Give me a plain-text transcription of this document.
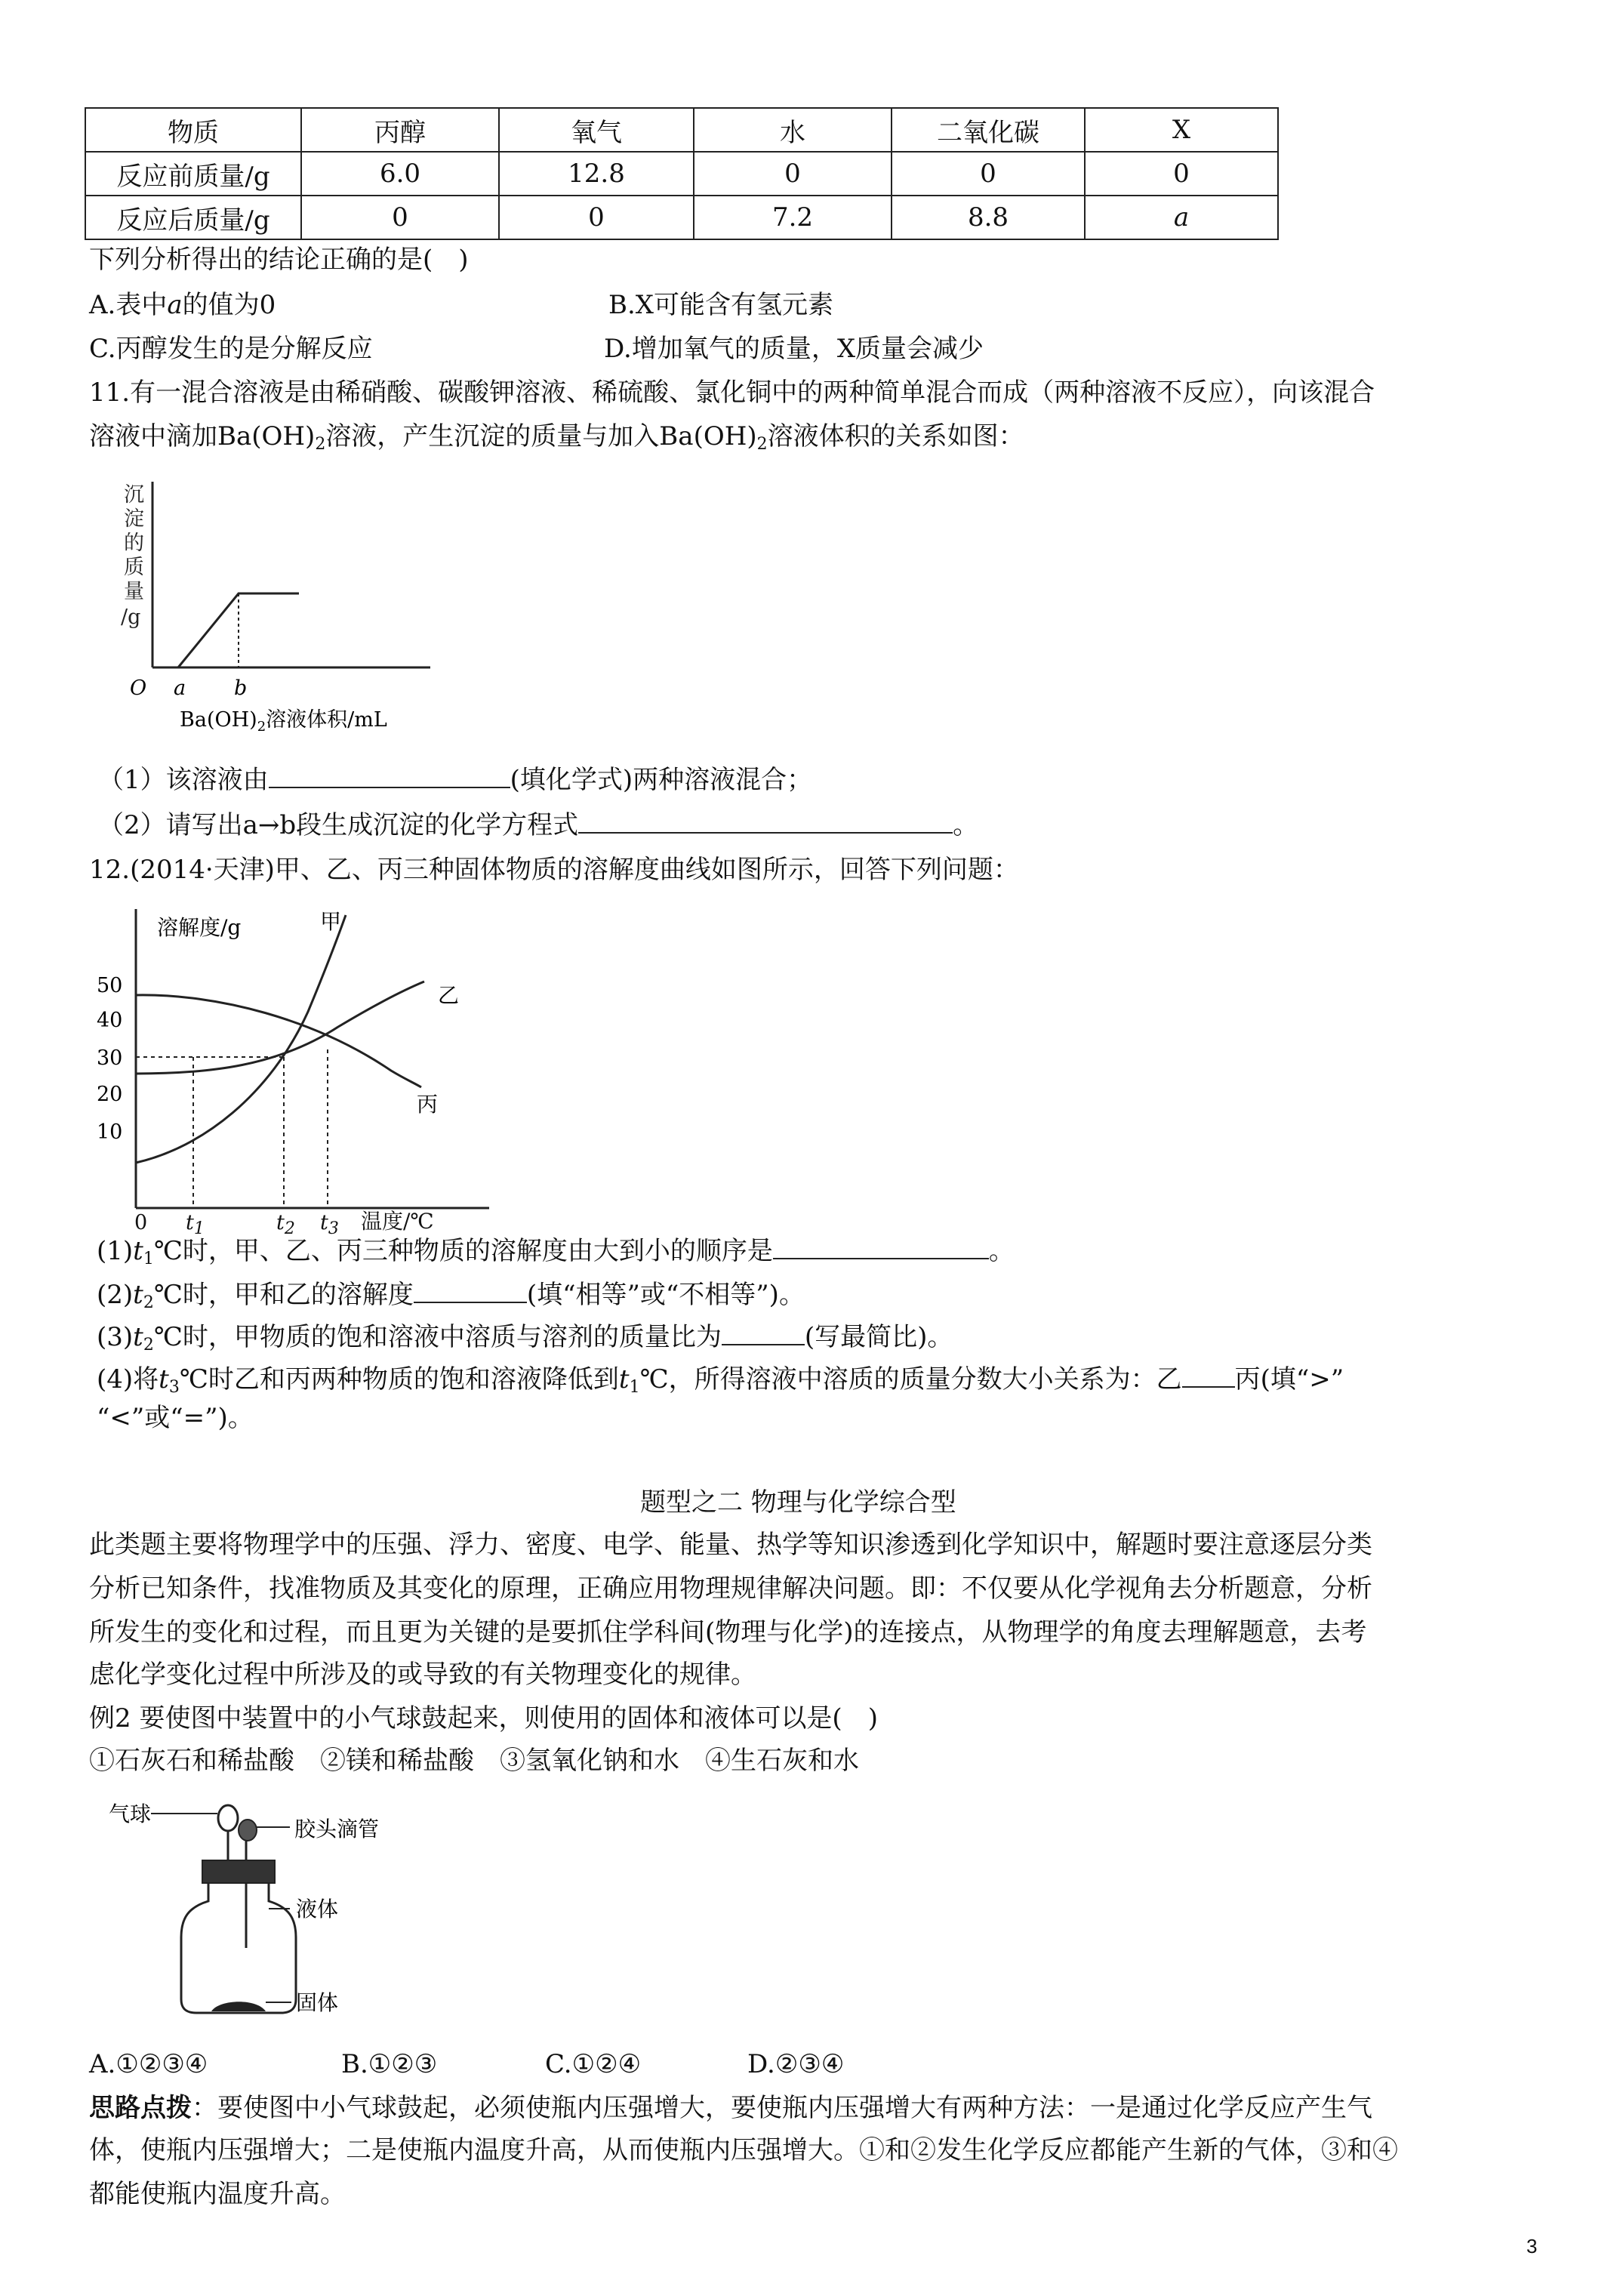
物质	丙醇	氧气	水	二氧化碳	X
反应前质量/g	6.0	12.8	0	0	0
反应后质量/g	0	0	7.2	8.8	a
下列分析得出的结论正确的是(　)
A.表中a的值为0	B.X可能含有氢元素
C.丙醇发生的是分解反应	D.增加氧气的质量，X质量会减少
11.有一混合溶液是由稀硝酸、碳酸钾溶液、稀硫酸、氯化铜中的两种简单混合而成（两种溶液不反应），向该混合
溶液中滴加$Ba(OH)_2$溶液，产生沉淀的质量与加入$Ba(OH)_2$溶液体积的关系如图：
沉
淀
的
质
量
/g
O a b
$Ba(OH)_2$溶液体积/mL
（1）该溶液由	(填化学式)两种溶液混合；
（2）请写出a→b段生成沉淀的化学方程式	。
12.(2014·天津)甲、乙、丙三种固体物质的溶解度曲线如图所示，回答下列问题：
溶解度/g
50
40
30
20
10
甲
乙
丙
0 $t_1$	$t_2$ $t_3$ 温度/℃
$(1)t_1℃$时，甲、乙、丙三种物质的溶解度由大到小的顺序是	。
$(2)t_2℃$时，甲和乙的溶解度	(填“相等”或“不相等”)。
$(3)t_2℃$时，甲物质的饱和溶液中溶质与溶剂的质量比为	(写最简比)。
(4)将$t_3℃$时乙和丙两种物质的饱和溶液降低到$t_1℃$，所得溶液中溶质的质量分数大小关系为：乙 丙(填“>”
“<”或“=”)。
题型之二 物理与化学综合型
此类题主要将物理学中的压强、浮力、密度、电学、能量、热学等知识渗透到化学知识中，解题时要注意逐层分类
分析已知条件，找准物质及其变化的原理，正确应用物理规律解决问题。即：不仅要从化学视角去分析题意，分析
所发生的变化和过程，而且更为关键的是要抓住学科间(物理与化学)的连接点，从物理学的角度去理解题意，去考
虑化学变化过程中所涉及的或导致的有关物理变化的规律。
例2 要使图中装置中的小气球鼓起来，则使用的固体和液体可以是(　)
①石灰石和稀盐酸　②镁和稀盐酸　③氢氧化钠和水　④生石灰和水
气球
胶头滴管
液体
固体
A.①②③④	B.①②③	C.①②④	D.②③④
思路点拨：要使图中小气球鼓起，必须使瓶内压强增大，要使瓶内压强增大有两种方法：一是通过化学反应产生气
体，使瓶内压强增大；二是使瓶内温度升高，从而使瓶内压强增大。①和②发生化学反应都能产生新的气体，③和④
都能使瓶内温度升高。
3
